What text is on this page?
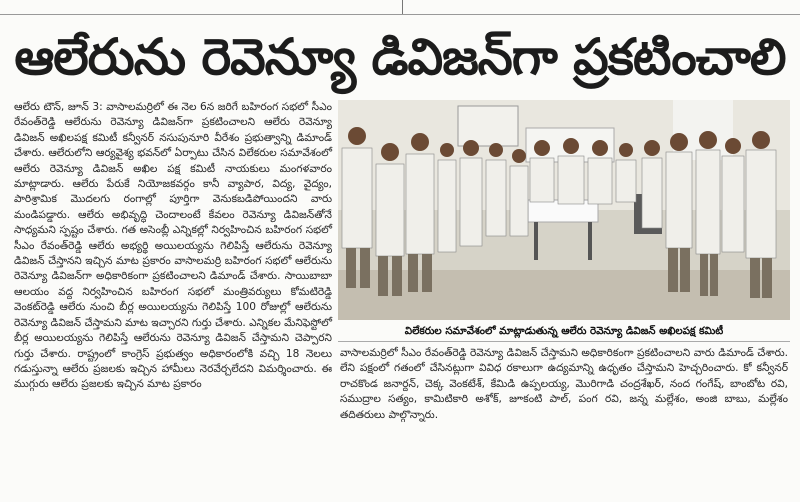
ఆలేరును రెవెన్యూ డివిజన్‌గా ప్రకటించాలి

ఆలేరు టౌన్, జూన్ 3: వాసాలమర్రిలో ఈ నెల 6న జరిగే బహిరంగ సభలో సీఎం రేవంత్‌రెడ్డి ఆలేరును రెవెన్యూ డివిజన్‌గా ప్రకటించాలని ఆలేరు రెవెన్యూ డివిజన్ అఖిలపక్ష కమిటీ కన్వీనర్ నసుపునూరి వీరేశం ప్రభుత్వాన్ని డిమాండ్ చేశారు. ఆలేరులోని ఆర్యవైశ్య భవన్‌లో ఏర్పాటు చేసిన విలేకరుల సమావేశంలో ఆలేరు రెవెన్యూ డివిజన్ అఖిల పక్ష కమిటీ నాయకులు మంగళవారం మాట్లాడారు. ఆలేరు పేరుకే నియోజకవర్గం కానీ వ్యాపార, విద్య, వైద్యం, పారిశ్రామిక మొదలగు రంగాల్లో పూర్తిగా వెనుకబడిపోయిందని వారు మండిపడ్డారు. ఆలేరు అభివృద్ధి చెందాలంటే కేవలం రెవెన్యూ డివిజన్‌తోనే సాధ్యమని స్పష్టం చేశారు. గత అసెంబ్లీ ఎన్నికల్లో నిర్వహించిన బహిరంగ సభలో సీఎం రేవంత్‌రెడ్డి ఆలేరు అభ్యర్థి అయిలయ్యను గెలిపిస్తే ఆలేరును రెవెన్యూ డివిజన్ చేస్తానని ఇచ్చిన మాట ప్రకారం వాసాలమర్రి బహిరంగ సభలో ఆలేరును రెవెన్యూ డివిజన్‌గా అధికారికంగా ప్రకటించాలని డిమాండ్ చేశారు. సాయిబాబా ఆలయం వద్ద నిర్వహించిన బహిరంగ సభలో మంత్రివర్యులు కోమటిరెడ్డి వెంకట్‌రెడ్డి ఆలేరు నుంచి బీర్ల అయిలయ్యను గెలిపిస్తే 100 రోజుల్లో ఆలేరును రెవెన్యూ డివిజన్ చేస్తామని మాట ఇచ్చారని గుర్తు చేశారు. ఎన్నికల మేనిఫెస్టోలో బీర్ల అయిలయ్యను గెలిపిస్తే ఆలేరును రెవెన్యూ డివిజన్ చేస్తామని చెప్పారని గుర్తు చేశారు. రాష్ట్రంలో కాంగ్రెస్ ప్రభుత్వం అధికారంలోకి వచ్చి 18 నెలలు గడుస్తున్నా ఆలేరు ప్రజలకు ఇచ్చిన హామీలు నెరవేర్చలేదని విమర్శించారు. ఈ ముగ్గురు ఆలేరు ప్రజలకు ఇచ్చిన మాట ప్రకారం

విలేకరుల సమావేశంలో మాట్లాడుతున్న ఆలేరు రెవెన్యూ డివిజన్ అఖిలపక్ష కమిటీ

వాసాలమర్రిలో సీఎం రేవంత్‌రెడ్డి రెవెన్యూ డివిజన్ చేస్తామని అధికారికంగా ప్రకటించాలని వారు డిమాండ్ చేశారు. లేని పక్షంలో గతంలో చేసినట్లుగా వివిధ రకాలుగా ఉద్యమాన్ని ఉధృతం చేస్తామని హెచ్చరించారు. కో కన్వీనర్ రాచకొండ జనార్దన్, చెక్క వెంకటేశ్, కేమిడి ఉప్పలయ్య, మొరిగాడి చంద్రశేఖర్, నంద గంగేష్, బాంబోట రవి, సముద్రాల సత్యం, కామిటికారి అశోక్, జూకంటి పాల్, పంగ రవి, జన్న మల్లేశం, అంజి బాబు, మల్లేశం తదితరులు పాల్గొన్నారు.
